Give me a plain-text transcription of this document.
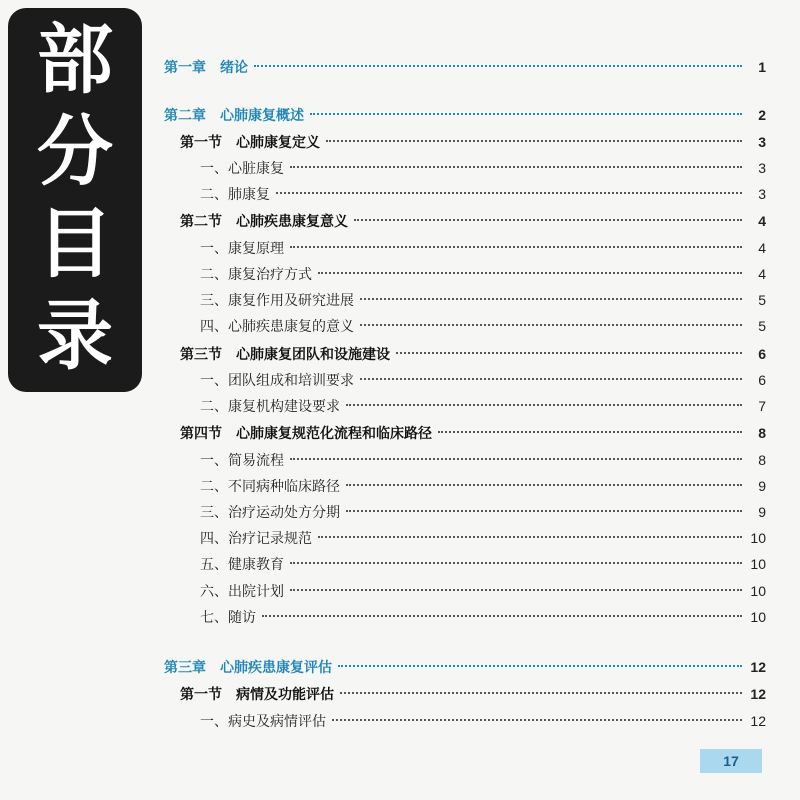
部
分
目
录
第一章　绪论	1
第二章　心肺康复概述	2
第一节　心肺康复定义	3
一、心脏康复	3
二、肺康复	3
第二节　心肺疾患康复意义	4
一、康复原理	4
二、康复治疗方式	4
三、康复作用及研究进展	5
四、心肺疾患康复的意义	5
第三节　心肺康复团队和设施建设	6
一、团队组成和培训要求	6
二、康复机构建设要求	7
第四节　心肺康复规范化流程和临床路径	8
一、简易流程	8
二、不同病种临床路径	9
三、治疗运动处方分期	9
四、治疗记录规范	10
五、健康教育	10
六、出院计划	10
七、随访	10
第三章　心肺疾患康复评估	12
第一节　病情及功能评估	12
一、病史及病情评估	12
17
